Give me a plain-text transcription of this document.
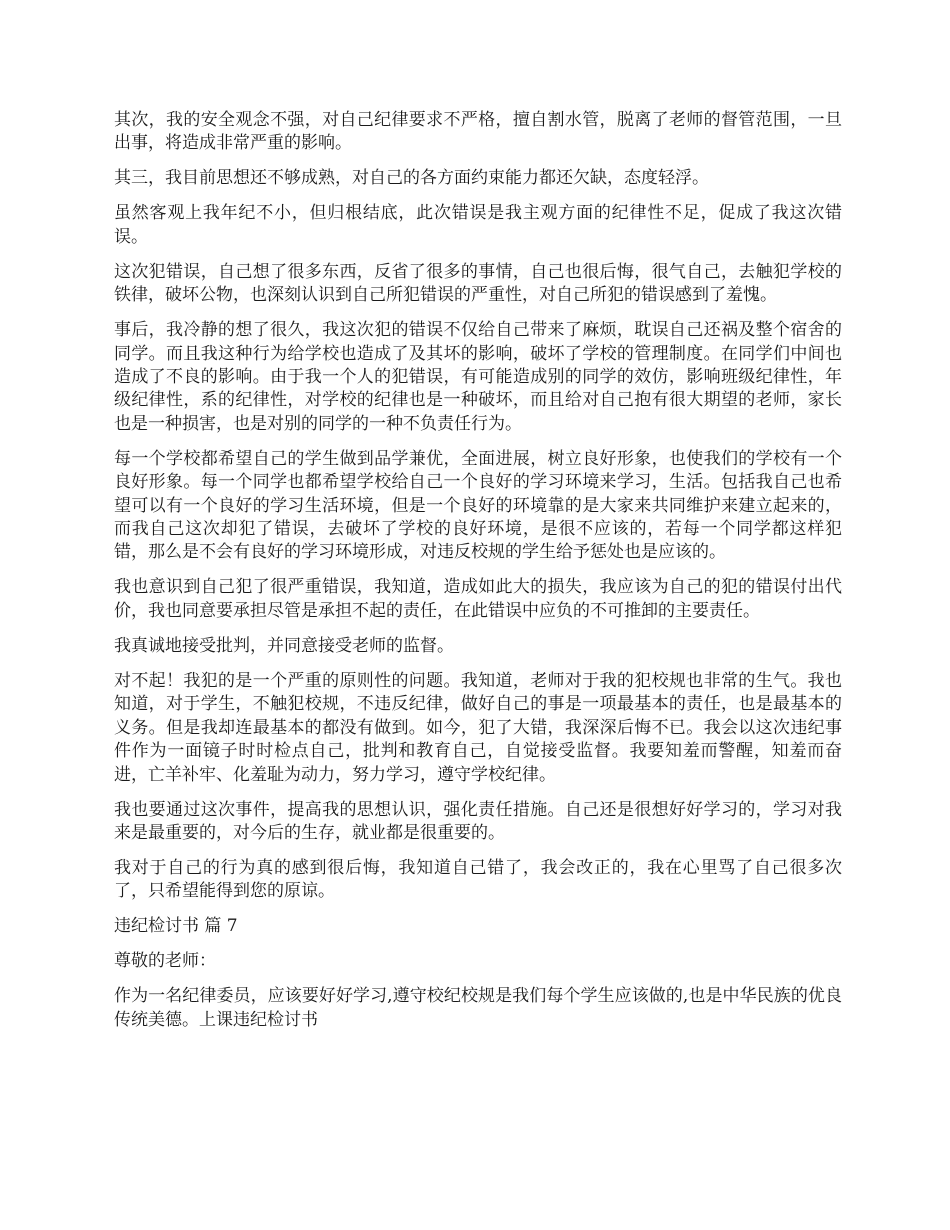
其次，我的安全观念不强，对自己纪律要求不严格，擅自割水管，脱离了老师的督管范围，一旦出事，将造成非常严重的影响。

其三，我目前思想还不够成熟，对自己的各方面约束能力都还欠缺，态度轻浮。

虽然客观上我年纪不小，但归根结底，此次错误是我主观方面的纪律性不足，促成了我这次错误。

这次犯错误，自己想了很多东西，反省了很多的事情，自己也很后悔，很气自己，去触犯学校的铁律，破坏公物，也深刻认识到自己所犯错误的严重性，对自己所犯的错误感到了羞愧。

事后，我冷静的想了很久，我这次犯的错误不仅给自己带来了麻烦，耽误自己还祸及整个宿舍的同学。而且我这种行为给学校也造成了及其坏的影响，破坏了学校的管理制度。在同学们中间也造成了不良的影响。由于我一个人的犯错误，有可能造成别的同学的效仿，影响班级纪律性，年级纪律性，系的纪律性，对学校的纪律也是一种破坏，而且给对自己抱有很大期望的老师，家长也是一种损害，也是对别的同学的一种不负责任行为。

每一个学校都希望自己的学生做到品学兼优，全面进展，树立良好形象，也使我们的学校有一个良好形象。每一个同学也都希望学校给自己一个良好的学习环境来学习，生活。包括我自己也希望可以有一个良好的学习生活环境，但是一个良好的环境靠的是大家来共同维护来建立起来的，而我自己这次却犯了错误，去破坏了学校的良好环境，是很不应该的，若每一个同学都这样犯错，那么是不会有良好的学习环境形成，对违反校规的学生给予惩处也是应该的。

我也意识到自己犯了很严重错误，我知道，造成如此大的损失，我应该为自己的犯的错误付出代价，我也同意要承担尽管是承担不起的责任，在此错误中应负的不可推卸的主要责任。

我真诚地接受批判，并同意接受老师的监督。

对不起！我犯的是一个严重的原则性的问题。我知道，老师对于我的犯校规也非常的生气。我也知道，对于学生，不触犯校规，不违反纪律，做好自己的事是一项最基本的责任，也是最基本的义务。但是我却连最基本的都没有做到。如今，犯了大错，我深深后悔不已。我会以这次违纪事件作为一面镜子时时检点自己，批判和教育自己，自觉接受监督。我要知羞而警醒，知羞而奋进，亡羊补牢、化羞耻为动力，努力学习，遵守学校纪律。

我也要通过这次事件，提高我的思想认识，强化责任措施。自己还是很想好好学习的，学习对我来是最重要的，对今后的生存，就业都是很重要的。

我对于自己的行为真的感到很后悔，我知道自己错了，我会改正的，我在心里骂了自己很多次了，只希望能得到您的原谅。

违纪检讨书 篇 7

尊敬的老师：

作为一名纪律委员，应该要好好学习,遵守校纪校规是我们每个学生应该做的,也是中华民族的优良传统美德。上课违纪检讨书
